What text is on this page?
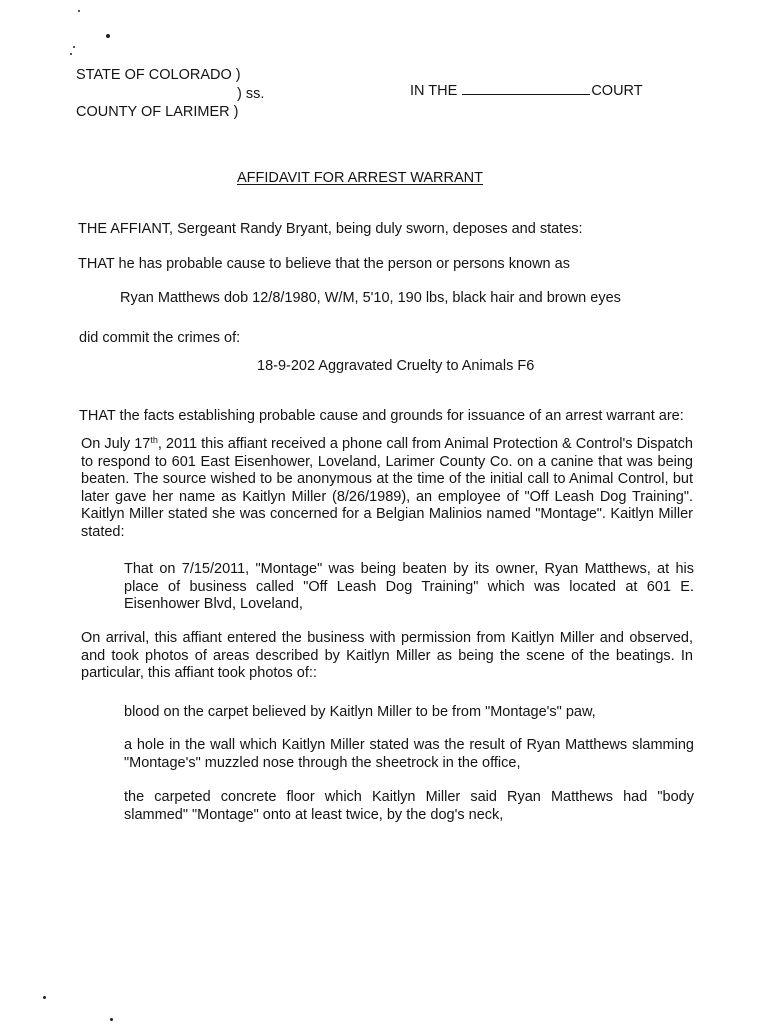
STATE OF COLORADO )
) ss.
COUNTY OF LARIMER )
IN THE	COURT
AFFIDAVIT FOR ARREST WARRANT
THE AFFIANT, Sergeant Randy Bryant, being duly sworn, deposes and states:
THAT he has probable cause to believe that the person or persons known as
Ryan Matthews dob 12/8/1980, W/M, 5'10, 190 lbs, black hair and brown eyes
did commit the crimes of:
18-9-202 Aggravated Cruelty to Animals F6
THAT the facts establishing probable cause and grounds for issuance of an arrest warrant are:
On July 17th, 2011 this affiant received a phone call from Animal Protection & Control's Dispatch to respond to 601 East Eisenhower, Loveland, Larimer County Co. on a canine that was being beaten. The source wished to be anonymous at the time of the initial call to Animal Control, but later gave her name as Kaitlyn Miller (8/26/1989), an employee of "Off Leash Dog Training". Kaitlyn Miller stated she was concerned for a Belgian Malinios named "Montage". Kaitlyn Miller stated:
That on 7/15/2011, "Montage" was being beaten by its owner, Ryan Matthews, at his place of business called "Off Leash Dog Training" which was located at 601 E. Eisenhower Blvd, Loveland,
On arrival, this affiant entered the business with permission from Kaitlyn Miller and observed, and took photos of areas described by Kaitlyn Miller as being the scene of the beatings. In particular, this affiant took photos of::
blood on the carpet believed by Kaitlyn Miller to be from "Montage's" paw,
a hole in the wall which Kaitlyn Miller stated was the result of Ryan Matthews slamming "Montage's" muzzled nose through the sheetrock in the office,
the carpeted concrete floor which Kaitlyn Miller said Ryan Matthews had "body slammed" "Montage" onto at least twice, by the dog's neck,
